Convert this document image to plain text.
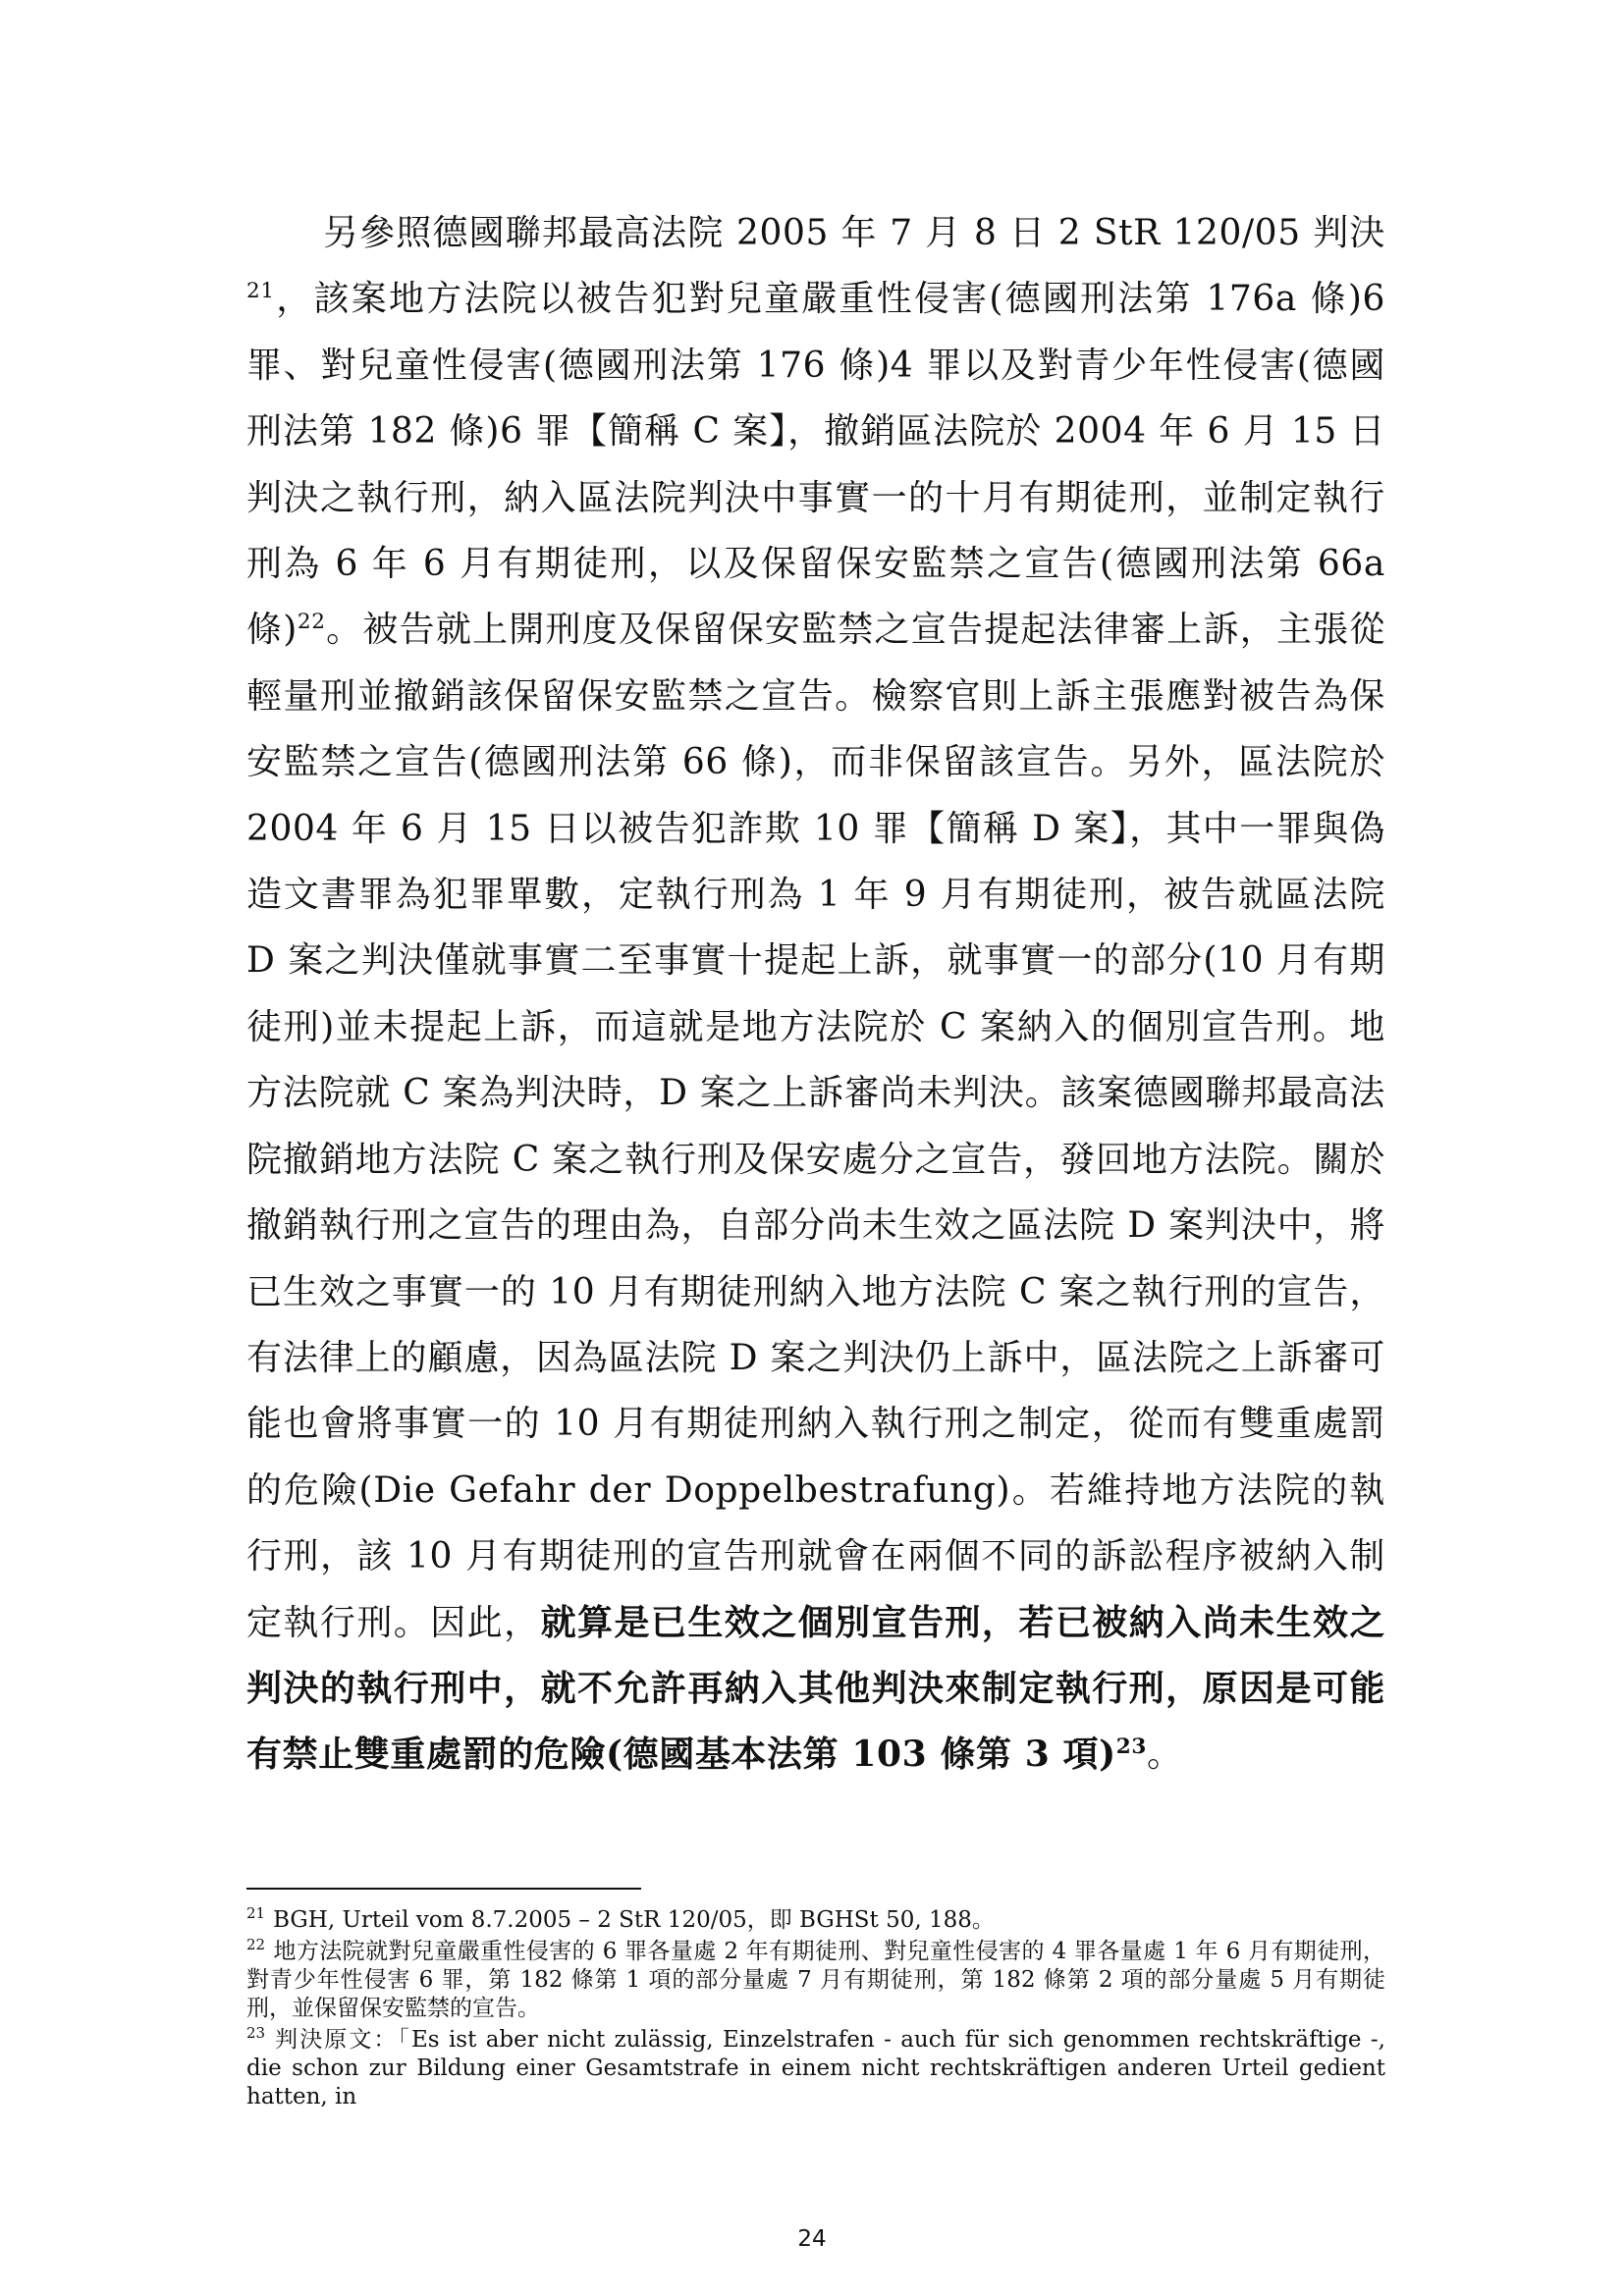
另參照德國聯邦最高法院 2005 年 7 月 8 日 2 StR 120/05 判決$^{21}$，該案地方法院以被告犯對兒童嚴重性侵害(德國刑法第 176a 條)6 罪、對兒童性侵害(德國刑法第 176 條)4 罪以及對青少年性侵害(德國刑法第 182 條)6 罪【簡稱 C 案】，撤銷區法院於 2004 年 6 月 15 日判決之執行刑，納入區法院判決中事實一的十月有期徒刑，並制定執行刑為 6 年 6 月有期徒刑，以及保留保安監禁之宣告(德國刑法第 66a 條)$^{22}$。被告就上開刑度及保留保安監禁之宣告提起法律審上訴，主張從輕量刑並撤銷該保留保安監禁之宣告。檢察官則上訴主張應對被告為保安監禁之宣告(德國刑法第 66 條)，而非保留該宣告。另外，區法院於 2004 年 6 月 15 日以被告犯詐欺 10 罪【簡稱 D 案】，其中一罪與偽造文書罪為犯罪單數，定執行刑為 1 年 9 月有期徒刑，被告就區法院 D 案之判決僅就事實二至事實十提起上訴，就事實一的部分(10 月有期徒刑)並未提起上訴，而這就是地方法院於 C 案納入的個別宣告刑。地方法院就 C 案為判決時，D 案之上訴審尚未判決。該案德國聯邦最高法院撤銷地方法院 C 案之執行刑及保安處分之宣告，發回地方法院。關於撤銷執行刑之宣告的理由為，自部分尚未生效之區法院 D 案判決中，將已生效之事實一的 10 月有期徒刑納入地方法院 C 案之執行刑的宣告，有法律上的顧慮，因為區法院 D 案之判決仍上訴中，區法院之上訴審可能也會將事實一的 10 月有期徒刑納入執行刑之制定，從而有雙重處罰的危險(Die Gefahr der Doppelbestrafung)。若維持地方法院的執行刑，該 10 月有期徒刑的宣告刑就會在兩個不同的訴訟程序被納入制定執行刑。因此，就算是已生效之個別宣告刑，若已被納入尚未生效之判決的執行刑中，就不允許再納入其他判決來制定執行刑，原因是可能有禁止雙重處罰的危險(德國基本法第 103 條第 3 項)$^{23}$。

$^{21}$ BGH, Urteil vom 8.7.2005 – 2 StR 120/05，即 BGHSt 50, 188。

$^{22}$ 地方法院就對兒童嚴重性侵害的 6 罪各量處 2 年有期徒刑、對兒童性侵害的 4 罪各量處 1 年 6 月有期徒刑，對青少年性侵害 6 罪，第 182 條第 1 項的部分量處 7 月有期徒刑，第 182 條第 2 項的部分量處 5 月有期徒刑，並保留保安監禁的宣告。

$^{23}$ 判決原文：「Es ist aber nicht zulässig, Einzelstrafen - auch für sich genommen rechtskräftige -, die schon zur Bildung einer Gesamtstrafe in einem nicht rechtskräftigen anderen Urteil gedient hatten, in

24
